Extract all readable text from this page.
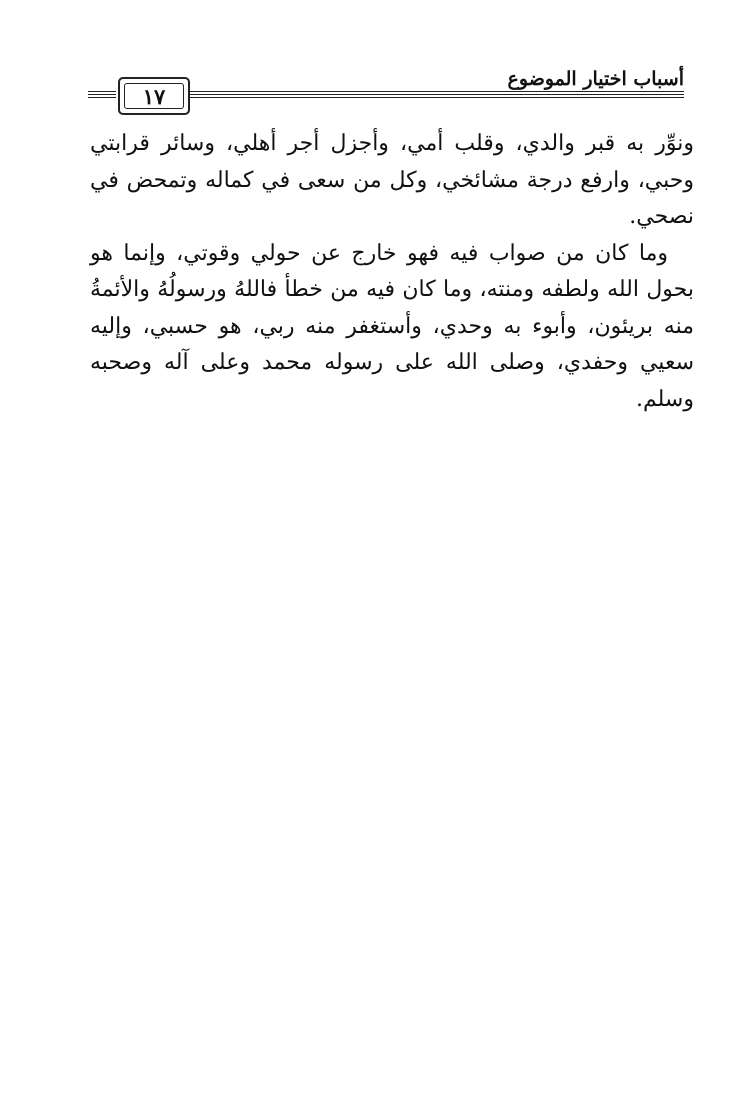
أسباب اختيار الموضوع
١٧

ونوِّر به قبر والدي، وقلب أمي، وأجزل أجر أهلي، وسائر قرابتي وحبي، وارفع درجة مشائخي، وكل من سعى في كماله وتمحض في نصحي.

وما كان من صواب فيه فهو خارج عن حولي وقوتي، وإنما هو بحول الله ولطفه ومنته، وما كان فيه من خطأ فاللهُ ورسولُهُ والأئمةُ منه بريئون، وأبوء به وحدي، وأستغفر منه ربي، هو حسبي، وإليه سعيي وحفدي، وصلى الله على رسوله محمد وعلى آله وصحبه وسلم.
